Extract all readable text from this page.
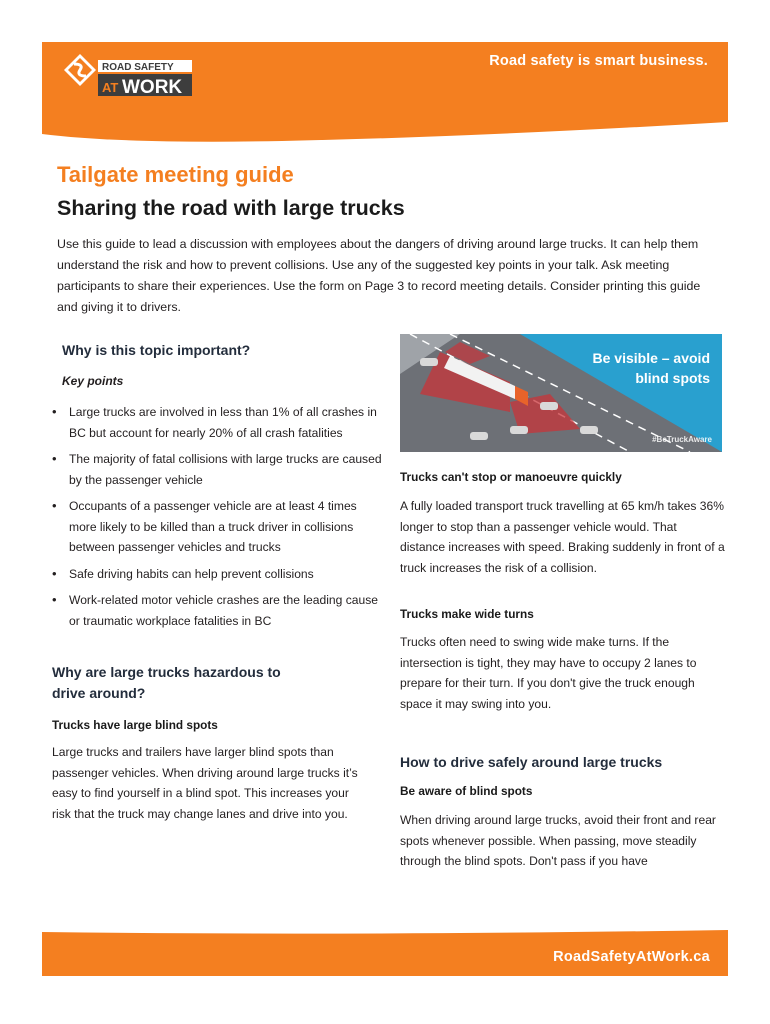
ROAD SAFETY
AT WORK
Road safety is smart business.
Tailgate meeting guide
Sharing the road with large trucks
Use this guide to lead a discussion with employees about the dangers of driving around large trucks. It can help them understand the risk and how to prevent collisions. Use any of the suggested key points in your talk. Ask meeting participants to share their experiences. Use the form on Page 3 to record meeting details. Consider printing this guide and giving it to drivers.
Why is this topic important?
Key points
• Large trucks are involved in less than 1% of all crashes in BC but account for nearly 20% of all crash fatalities
• The majority of fatal collisions with large trucks are caused by the passenger vehicle
• Occupants of a passenger vehicle are at least 4 times more likely to be killed than a truck driver in collisions between passenger vehicles and trucks
• Safe driving habits can help prevent collisions
• Work-related motor vehicle crashes are the leading cause or traumatic workplace fatalities in BC
Why are large trucks hazardous to drive around?
Trucks have large blind spots
Large trucks and trailers have larger blind spots than passenger vehicles. When driving around large trucks it’s easy to find yourself in a blind spot. This increases your risk that the truck may change lanes and drive into you.
Be visible – avoid
blind spots
#BeTruckAware
Trucks can't stop or manoeuvre quickly
A fully loaded transport truck travelling at 65 km/h takes 36% longer to stop than a passenger vehicle would. That distance increases with speed. Braking suddenly in front of a truck increases the risk of a collision.
Trucks make wide turns
Trucks often need to swing wide make turns. If the intersection is tight, they may have to occupy 2 lanes to prepare for their turn. If you don't give the truck enough space it may swing into you.
How to drive safely around large trucks
Be aware of blind spots
When driving around large trucks, avoid their front and rear spots whenever possible. When passing, move steadily through the blind spots. Don't pass if you have
RoadSafetyAtWork.ca
